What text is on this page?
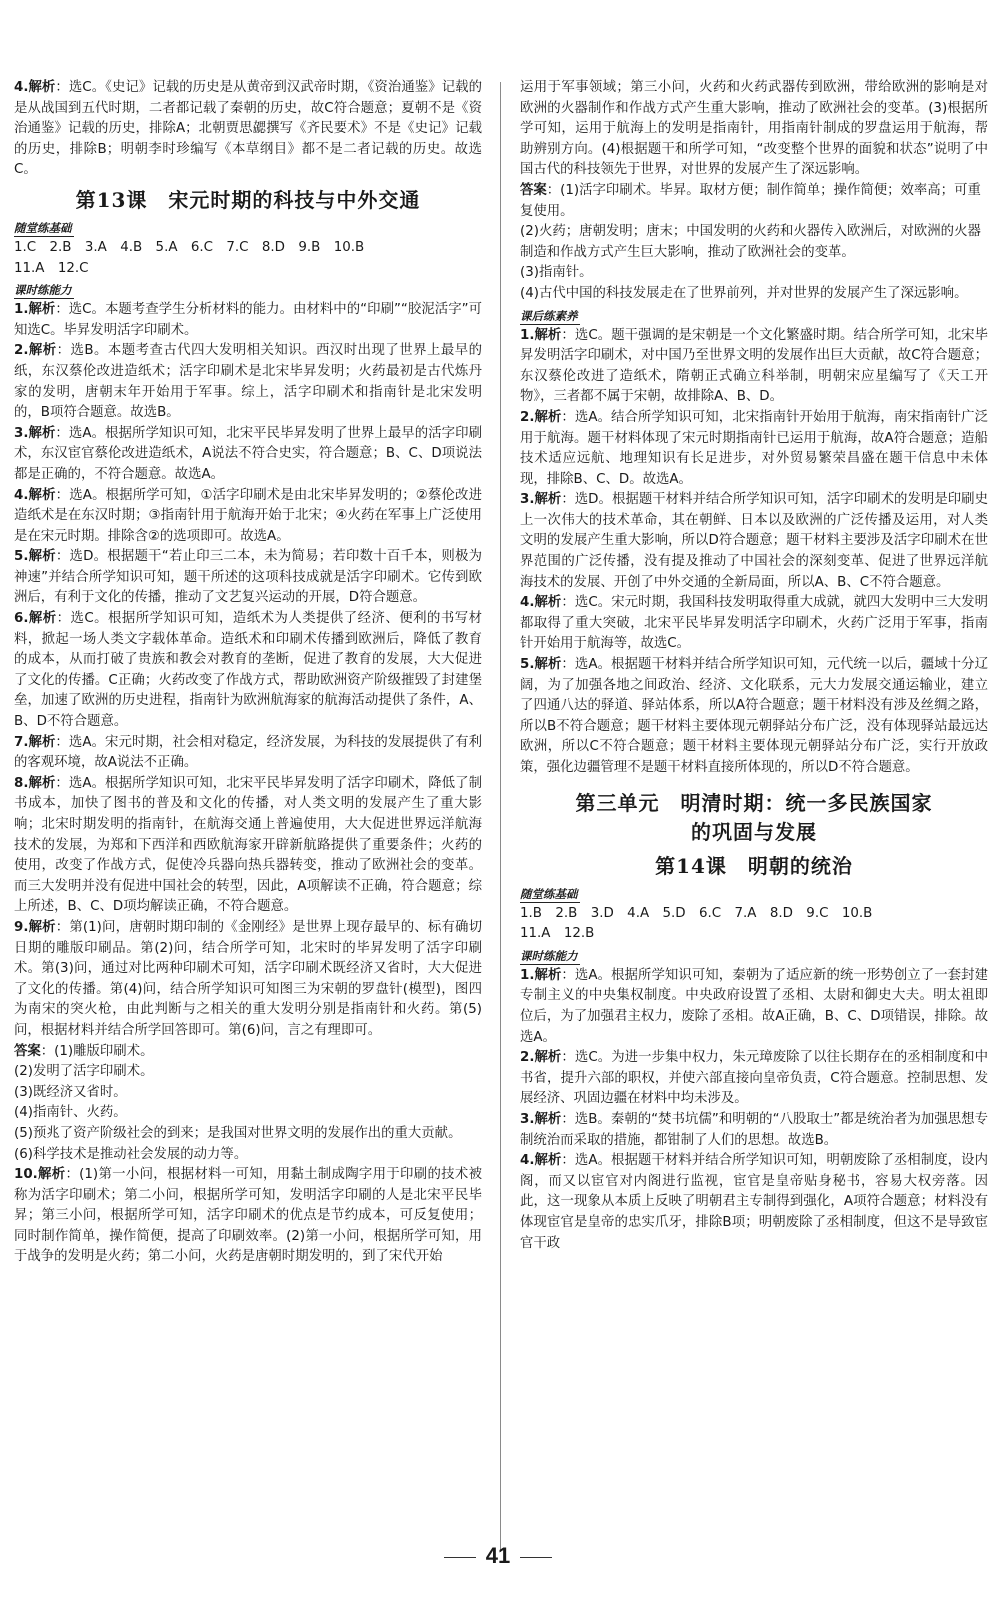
4.解析：选C。《史记》记载的历史是从黄帝到汉武帝时期，《资治通鉴》记载的是从战国到五代时期，二者都记载了秦朝的历史，故C符合题意；夏朝不是《资治通鉴》记载的历史，排除A；北朝贾思勰撰写《齐民要术》不是《史记》记载的历史，排除B；明朝李时珍编写《本草纲目》都不是二者记载的历史。故选C。

第13课　宋元时期的科技与中外交通
随堂练基础

1.C　2.B　3.A　4.B　5.A　6.C　7.C　8.D　9.B　10.B

11.A　12.C

课时练能力

1.解析：选C。本题考查学生分析材料的能力。由材料中的“印刷”“胶泥活字”可知选C。毕昇发明活字印刷术。

2.解析：选B。本题考查古代四大发明相关知识。西汉时出现了世界上最早的纸，东汉蔡伦改进造纸术；活字印刷术是北宋毕昇发明；火药最初是古代炼丹家的发明，唐朝末年开始用于军事。综上，活字印刷术和指南针是北宋发明的，B项符合题意。故选B。

3.解析：选A。根据所学知识可知，北宋平民毕昇发明了世界上最早的活字印刷术，东汉宦官蔡伦改进造纸术，A说法不符合史实，符合题意；B、C、D项说法都是正确的，不符合题意。故选A。

4.解析：选A。根据所学可知，①活字印刷术是由北宋毕昇发明的；②蔡伦改进造纸术是在东汉时期；③指南针用于航海开始于北宋；④火药在军事上广泛使用是在宋元时期。排除含②的选项即可。故选A。

5.解析：选D。根据题干“若止印三二本，未为简易；若印数十百千本，则极为神速”并结合所学知识可知，题干所述的这项科技成就是活字印刷术。它传到欧洲后，有利于文化的传播，推动了文艺复兴运动的开展，D符合题意。

6.解析：选C。根据所学知识可知，造纸术为人类提供了经济、便利的书写材料，掀起一场人类文字载体革命。造纸术和印刷术传播到欧洲后，降低了教育的成本，从而打破了贵族和教会对教育的垄断，促进了教育的发展，大大促进了文化的传播。C正确；火药改变了作战方式，帮助欧洲资产阶级摧毁了封建堡垒，加速了欧洲的历史进程，指南针为欧洲航海家的航海活动提供了条件，A、B、D不符合题意。

7.解析：选A。宋元时期，社会相对稳定，经济发展，为科技的发展提供了有利的客观环境，故A说法不正确。

8.解析：选A。根据所学知识可知，北宋平民毕昇发明了活字印刷术，降低了制书成本，加快了图书的普及和文化的传播，对人类文明的发展产生了重大影响；北宋时期发明的指南针，在航海交通上普遍使用，大大促进世界远洋航海技术的发展，为郑和下西洋和西欧航海家开辟新航路提供了重要条件；火药的使用，改变了作战方式，促使冷兵器向热兵器转变，推动了欧洲社会的变革。而三大发明并没有促进中国社会的转型，因此，A项解读不正确，符合题意；综上所述，B、C、D项均解读正确，不符合题意。

9.解析：第(1)问，唐朝时期印制的《金刚经》是世界上现存最早的、标有确切日期的雕版印刷品。第(2)问，结合所学可知，北宋时的毕昇发明了活字印刷术。第(3)问，通过对比两种印刷术可知，活字印刷术既经济又省时，大大促进了文化的传播。第(4)问，结合所学知识可知图三为宋朝的罗盘针(模型)，图四为南宋的突火枪，由此判断与之相关的重大发明分别是指南针和火药。第(5)问，根据材料并结合所学回答即可。第(6)问，言之有理即可。

答案：(1)雕版印刷术。

(2)发明了活字印刷术。

(3)既经济又省时。

(4)指南针、火药。

(5)预兆了资产阶级社会的到来；是我国对世界文明的发展作出的重大贡献。

(6)科学技术是推动社会发展的动力等。

10.解析：(1)第一小问，根据材料一可知，用黏土制成陶字用于印刷的技术被称为活字印刷术；第二小问，根据所学可知，发明活字印刷的人是北宋平民毕昇；第三小问，根据所学可知，活字印刷术的优点是节约成本，可反复使用；同时制作简单，操作简便，提高了印刷效率。(2)第一小问，根据所学可知，用于战争的发明是火药；第二小问，火药是唐朝时期发明的，到了宋代开始

运用于军事领域；第三小问，火药和火药武器传到欧洲，带给欧洲的影响是对欧洲的火器制作和作战方式产生重大影响，推动了欧洲社会的变革。(3)根据所学可知，运用于航海上的发明是指南针，用指南针制成的罗盘运用于航海，帮助辨别方向。(4)根据题干和所学可知，“改变整个世界的面貌和状态”说明了中国古代的科技领先于世界，对世界的发展产生了深远影响。

答案：(1)活字印刷术。毕昇。取材方便；制作简单；操作简便；效率高；可重复使用。

(2)火药；唐朝发明；唐末；中国发明的火药和火器传入欧洲后，对欧洲的火器制造和作战方式产生巨大影响，推动了欧洲社会的变革。

(3)指南针。

(4)古代中国的科技发展走在了世界前列，并对世界的发展产生了深远影响。

课后练素养

1.解析：选C。题干强调的是宋朝是一个文化繁盛时期。结合所学可知，北宋毕昇发明活字印刷术，对中国乃至世界文明的发展作出巨大贡献，故C符合题意；东汉蔡伦改进了造纸术，隋朝正式确立科举制，明朝宋应星编写了《天工开物》，三者都不属于宋朝，故排除A、B、D。

2.解析：选A。结合所学知识可知，北宋指南针开始用于航海，南宋指南针广泛用于航海。题干材料体现了宋元时期指南针已运用于航海，故A符合题意；造船技术适应远航、地理知识有长足进步，对外贸易繁荣昌盛在题干信息中未体现，排除B、C、D。故选A。

3.解析：选D。根据题干材料并结合所学知识可知，活字印刷术的发明是印刷史上一次伟大的技术革命，其在朝鲜、日本以及欧洲的广泛传播及运用，对人类文明的发展产生重大影响，所以D符合题意；题干材料主要涉及活字印刷术在世界范围的广泛传播，没有提及推动了中国社会的深刻变革、促进了世界远洋航海技术的发展、开创了中外交通的全新局面，所以A、B、C不符合题意。

4.解析：选C。宋元时期，我国科技发明取得重大成就，就四大发明中三大发明都取得了重大突破，北宋平民毕昇发明活字印刷术，火药广泛用于军事，指南针开始用于航海等，故选C。

5.解析：选A。根据题干材料并结合所学知识可知，元代统一以后，疆域十分辽阔，为了加强各地之间政治、经济、文化联系，元大力发展交通运输业，建立了四通八达的驿道、驿站体系，所以A符合题意；题干材料没有涉及丝绸之路，所以B不符合题意；题干材料主要体现元朝驿站分布广泛，没有体现驿站最远达欧洲，所以C不符合题意；题干材料主要体现元朝驿站分布广泛，实行开放政策，强化边疆管理不是题干材料直接所体现的，所以D不符合题意。

第三单元　明清时期：统一多民族国家
的巩固与发展
第14课　明朝的统治
随堂练基础

1.B　2.B　3.D　4.A　5.D　6.C　7.A　8.D　9.C　10.B

11.A　12.B

课时练能力

1.解析：选A。根据所学知识可知，秦朝为了适应新的统一形势创立了一套封建专制主义的中央集权制度。中央政府设置了丞相、太尉和御史大夫。明太祖即位后，为了加强君主权力，废除了丞相。故A正确，B、C、D项错误，排除。故选A。

2.解析：选C。为进一步集中权力，朱元璋废除了以往长期存在的丞相制度和中书省，提升六部的职权，并使六部直接向皇帝负责，C符合题意。控制思想、发展经济、巩固边疆在材料中均未涉及。

3.解析：选B。秦朝的“焚书坑儒”和明朝的“八股取士”都是统治者为加强思想专制统治而采取的措施，都钳制了人们的思想。故选B。

4.解析：选A。根据题干材料并结合所学知识可知，明朝废除了丞相制度，设内阁，而又以宦官对内阁进行监视，宦官是皇帝贴身秘书，容易大权旁落。因此，这一现象从本质上反映了明朝君主专制得到强化，A项符合题意；材料没有体现宦官是皇帝的忠实爪牙，排除B项；明朝废除了丞相制度，但这不是导致宦官干政

41
